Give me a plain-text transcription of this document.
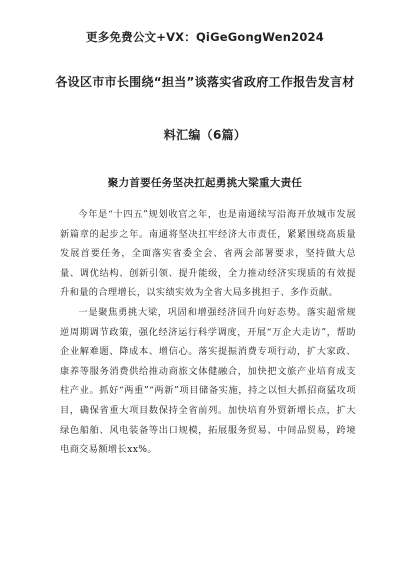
更多免费公文+VX：QiGeGongWen2024
各设区市市长围绕“担当”谈落实省政府工作报告发言材
料汇编（6篇）
聚力首要任务坚决扛起勇挑大梁重大责任

今年是“十四五”规划收官之年，也是南通续写沿海开放城市发展新篇章的起步之年。南通将坚决扛牢经济大市责任，紧紧围绕高质量发展首要任务，全面落实省委全会、省两会部署要求，坚持做大总量、调优结构、创新引领、提升能级，全力推动经济实现质的有效提升和量的合理增长，以实绩实效为全省大局多挑担子、多作贡献。

一是聚焦勇挑大梁，巩固和增强经济回升向好态势。落实超常规逆周期调节政策，强化经济运行科学调度，开展“万企大走访”，帮助企业解难题、降成本、增信心。落实提振消费专项行动，扩大家政、康养等服务消费供给推动商旅文体健融合，加快把文旅产业培育成支柱产业。抓好“两重”“两新”项目储备实施，持之以恒大抓招商猛攻项目，确保省重大项目数保持全省前列。加快培育外贸新增长点，扩大绿色船舶、风电装备等出口规模，拓展服务贸易、中间品贸易，跨境电商交易额增长xx%。
